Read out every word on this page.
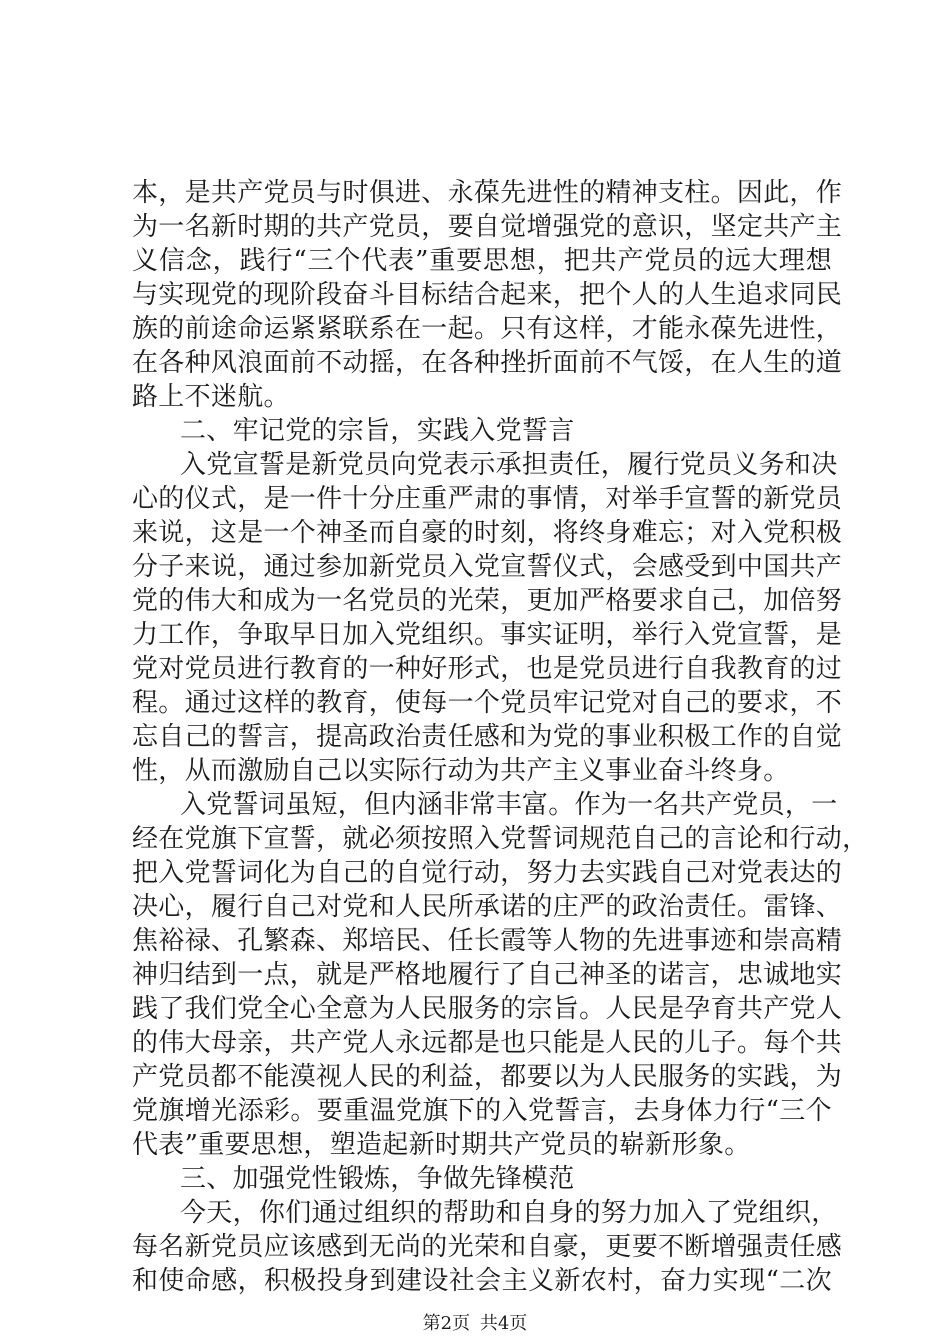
本，是共产党员与时俱进、永葆先进性的精神支柱。因此，作
为一名新时期的共产党员，要自觉增强党的意识，坚定共产主
义信念，践行“三个代表”重要思想，把共产党员的远大理想
与实现党的现阶段奋斗目标结合起来，把个人的人生追求同民
族的前途命运紧紧联系在一起。只有这样，才能永葆先进性，
在各种风浪面前不动摇，在各种挫折面前不气馁，在人生的道
路上不迷航。
二、牢记党的宗旨，实践入党誓言
入党宣誓是新党员向党表示承担责任，履行党员义务和决
心的仪式，是一件十分庄重严肃的事情，对举手宣誓的新党员
来说，这是一个神圣而自豪的时刻，将终身难忘；对入党积极
分子来说，通过参加新党员入党宣誓仪式，会感受到中国共产
党的伟大和成为一名党员的光荣，更加严格要求自己，加倍努
力工作，争取早日加入党组织。事实证明，举行入党宣誓，是
党对党员进行教育的一种好形式，也是党员进行自我教育的过
程。通过这样的教育，使每一个党员牢记党对自己的要求，不
忘自己的誓言，提高政治责任感和为党的事业积极工作的自觉
性，从而激励自己以实际行动为共产主义事业奋斗终身。
入党誓词虽短，但内涵非常丰富。作为一名共产党员，一
经在党旗下宣誓，就必须按照入党誓词规范自己的言论和行动，
把入党誓词化为自己的自觉行动，努力去实践自己对党表达的
决心，履行自己对党和人民所承诺的庄严的政治责任。雷锋、
焦裕禄、孔繁森、郑培民、任长霞等人物的先进事迹和崇高精
神归结到一点，就是严格地履行了自己神圣的诺言，忠诚地实
践了我们党全心全意为人民服务的宗旨。人民是孕育共产党人
的伟大母亲，共产党人永远都是也只能是人民的儿子。每个共
产党员都不能漠视人民的利益，都要以为人民服务的实践，为
党旗增光添彩。要重温党旗下的入党誓言，去身体力行“三个
代表”重要思想，塑造起新时期共产党员的崭新形象。
三、加强党性锻炼，争做先锋模范
今天，你们通过组织的帮助和自身的努力加入了党组织，
每名新党员应该感到无尚的光荣和自豪，更要不断增强责任感
和使命感，积极投身到建设社会主义新农村，奋力实现“二次
第2页 共4页
